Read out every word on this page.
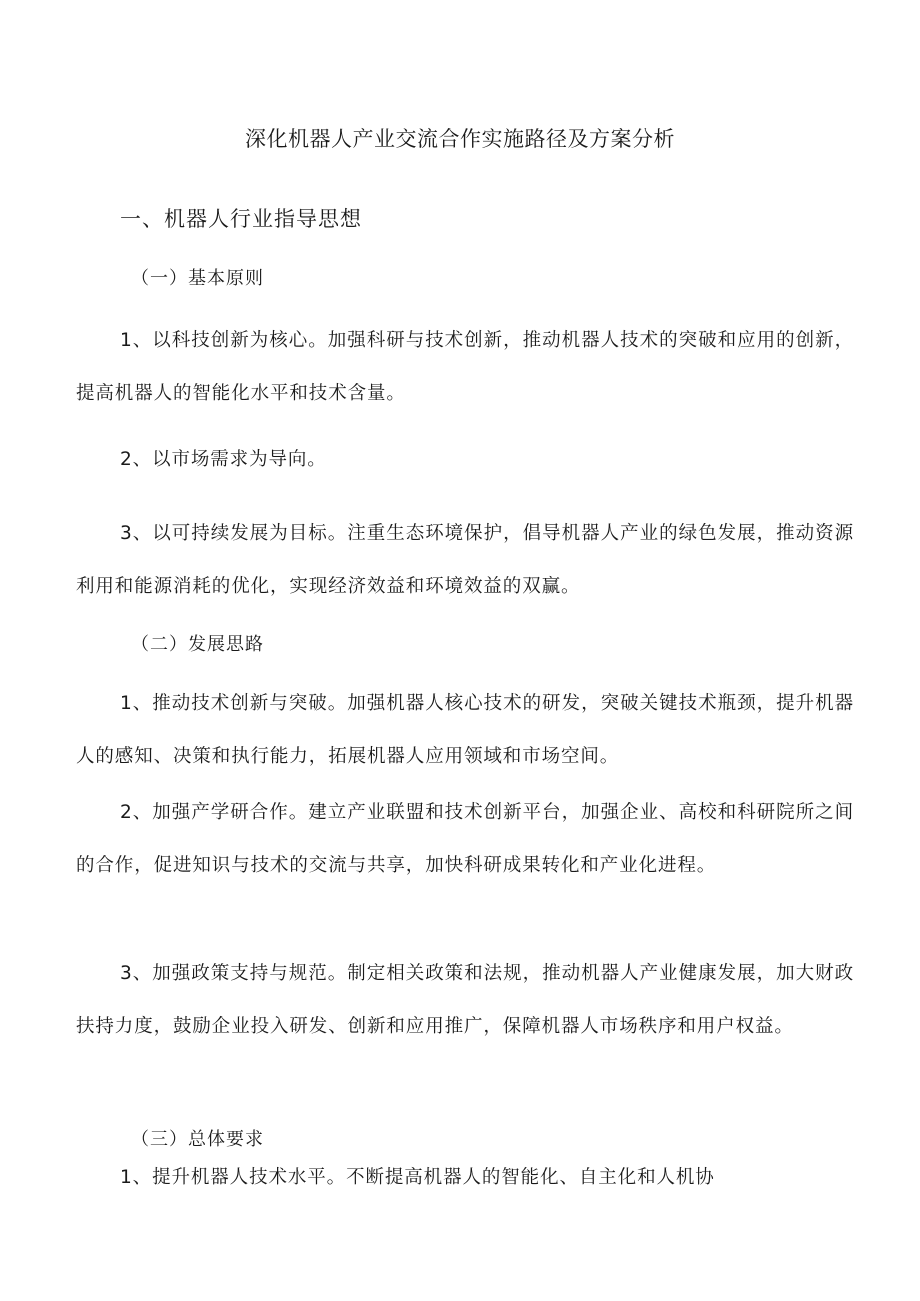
深化机器人产业交流合作实施路径及方案分析
一、机器人行业指导思想
（一）基本原则

1、以科技创新为核心。加强科研与技术创新，推动机器人技术的突破和应用的创新，提高机器人的智能化水平和技术含量。

2、以市场需求为导向。

3、以可持续发展为目标。注重生态环境保护，倡导机器人产业的绿色发展，推动资源利用和能源消耗的优化，实现经济效益和环境效益的双赢。

（二）发展思路

1、推动技术创新与突破。加强机器人核心技术的研发，突破关键技术瓶颈，提升机器人的感知、决策和执行能力，拓展机器人应用领域和市场空间。

2、加强产学研合作。建立产业联盟和技术创新平台，加强企业、高校和科研院所之间的合作，促进知识与技术的交流与共享，加快科研成果转化和产业化进程。

3、加强政策支持与规范。制定相关政策和法规，推动机器人产业健康发展，加大财政扶持力度，鼓励企业投入研发、创新和应用推广，保障机器人市场秩序和用户权益。

（三）总体要求

1、提升机器人技术水平。不断提高机器人的智能化、自主化和人机协
